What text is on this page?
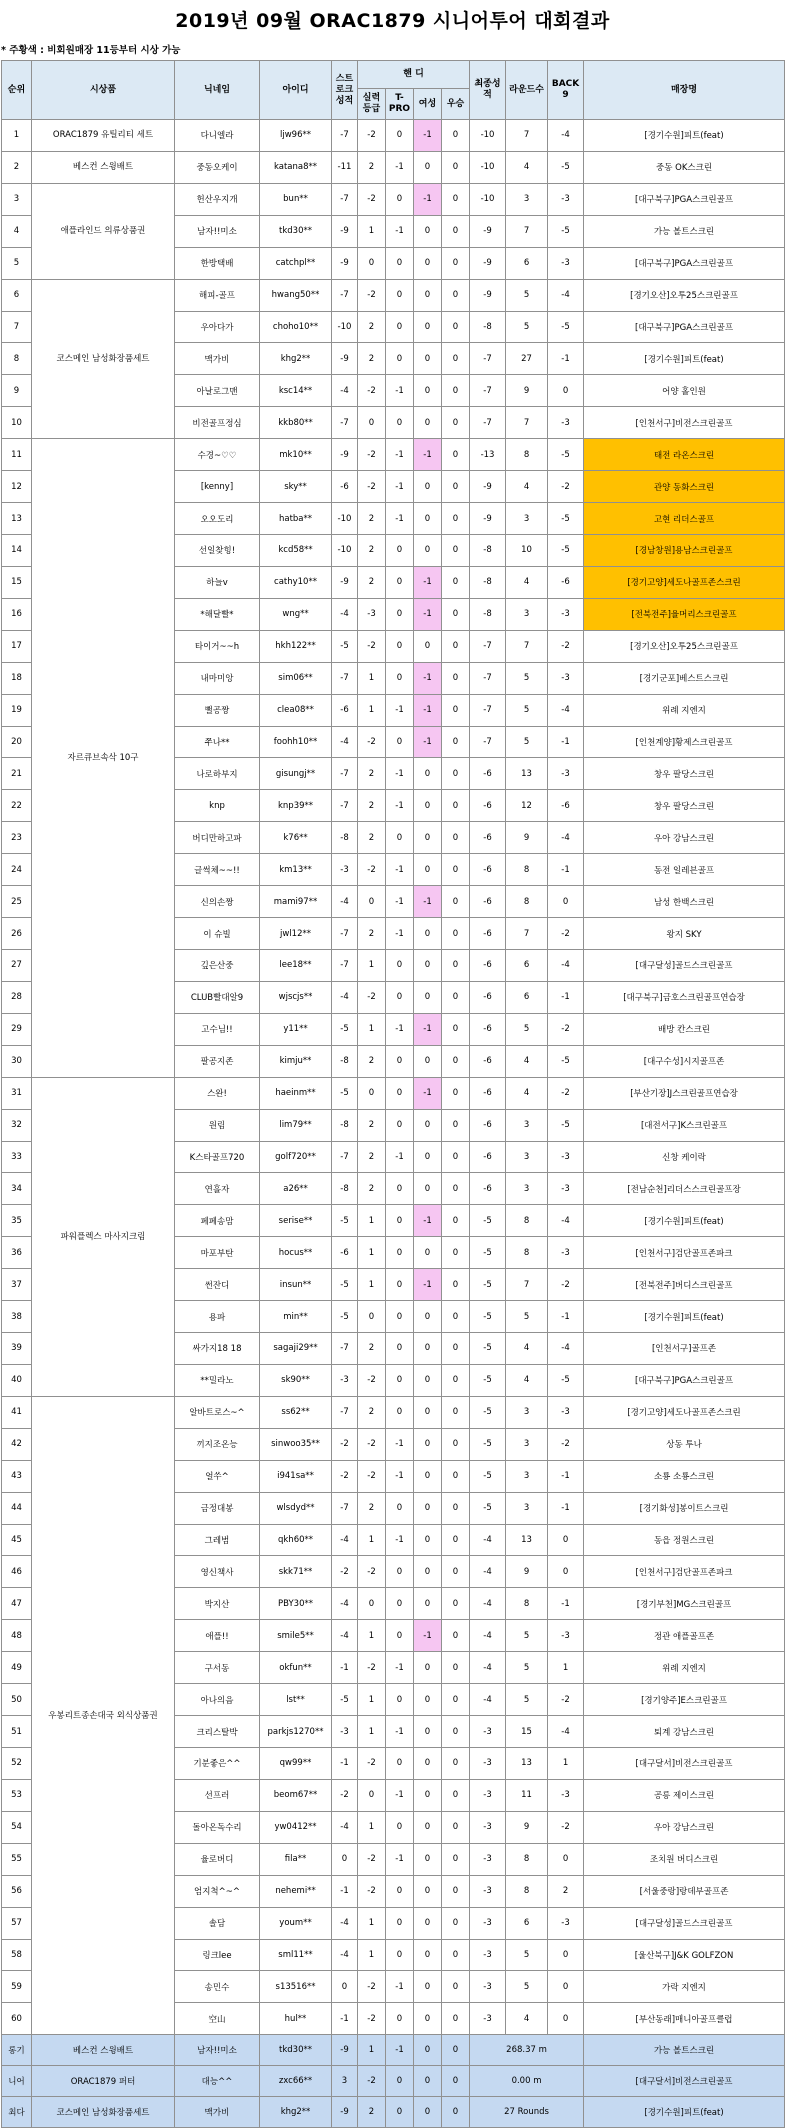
2019년 09월 ORAC1879 시니어투어 대회결과
* 주황색 : 비회원매장 11등부터 시상 가능
순위	시상품	닉네임	아이디	스트로크성적	핸 디				최종성적	라운드수	BACK 9	매장명
					실력등급	T-PRO	여성	우승				
1	ORAC1879 유틸리티 세트	다니엘라	ljw96**	-7	-2	0	-1	0	-10	7	-4	[경기수원]피트(feat)
2	베스컨 스윙배트	중동오케이	katana8**	-11	2	-1	0	0	-10	4	-5	중동 OK스크린
3	애플라인드 의류상품권	헌산우지개	bun**	-7	-2	0	-1	0	-10	3	-3	[대구북구]PGA스크린골프
4		남자!!미소	tkd30**	-9	1	-1	0	0	-9	7	-5	가능 볼트스크린
5		한방택배	catchpl**	-9	0	0	0	0	-9	6	-3	[대구북구]PGA스크린골프
6	코스메인 남성화장품세트	해피-골프	hwang50**	-7	-2	0	0	0	-9	5	-4	[경기오산]오투25스크린골프
7		우아다가	choho10**	-10	2	0	0	0	-8	5	-5	[대구북구]PGA스크린골프
8		맥가비	khg2**	-9	2	0	0	0	-7	27	-1	[경기수원]피트(feat)
9		아날로그맨	ksc14**	-4	-2	-1	0	0	-7	9	0	어양 홀인원
10		비전골프정심	kkb80**	-7	0	0	0	0	-7	7	-3	[인천서구]비전스크린골프
11	자르큐브속삭 10구	수경~♡♡	mk10**	-9	-2	-1	-1	0	-13	8	-5	태전 라온스크린
12		[kenny]	sky**	-6	-2	-1	0	0	-9	4	-2	관양 동화스크린
13		오오도리	hatba**	-10	2	-1	0	0	-9	3	-5	고현 리더스골프
14		선일찾힝!	kcd58**	-10	2	0	0	0	-8	10	-5	[경남창원]용남스크린골프
15		하늘v	cathy10**	-9	2	0	-1	0	-8	4	-6	[경기고양]세도나골프존스크린
16		*해달빨*	wng**	-4	-3	0	-1	0	-8	3	-3	[전북전주]율머리스크린골프
17		타이거~~h	hkh122**	-5	-2	0	0	0	-7	7	-2	[경기오산]오투25스크린골프
18		내마미앙	sim06**	-7	1	0	-1	0	-7	5	-3	[경기군포]베스트스크린
19		뻘공짱	clea08**	-6	1	-1	-1	0	-7	5	-4	위례 지엔지
20		쭈나**	foohh10**	-4	-2	0	-1	0	-7	5	-1	[인천계양]황제스크린골프
21		나로하부지	gisungj**	-7	2	-1	0	0	-6	13	-3	창우 팔당스크린
22		knp	knp39**	-7	2	-1	0	0	-6	12	-6	창우 팔당스크린
23		버디만하고파	k76**	-8	2	0	0	0	-6	9	-4	우아 강남스크린
24		글썩체~~!!	km13**	-3	-2	-1	0	0	-6	8	-1	동전 일레븐골프
25		신의손짱	mami97**	-4	0	-1	-1	0	-6	8	0	남성 한백스크린
26		이 슈빌	jwl12**	-7	2	-1	0	0	-6	7	-2	왕지 SKY
27		깊은산중	lee18**	-7	1	0	0	0	-6	6	-4	[대구달성]골드스크린골프
28		CLUB빨대알9	wjscjs**	-4	-2	0	0	0	-6	6	-1	[대구북구]금호스크린골프연습장
29		고수님!!	y11**	-5	1	-1	-1	0	-6	5	-2	배방 칸스크린
30		팔공지존	kimju**	-8	2	0	0	0	-6	4	-5	[대구수성]시지골프존
31	파워플렉스 마사지크림	스완!	haeinm**	-5	0	0	-1	0	-6	4	-2	[부산기장]J스크린골프연습장
32		원림	lim79**	-8	2	0	0	0	-6	3	-5	[대전서구]K스크린골프
33		K스타골프720	golf720**	-7	2	-1	0	0	-6	3	-3	신창 케이락
34		연흘자	a26**	-8	2	0	0	0	-6	3	-3	[전남순천]리더스스크린골프장
35		페페송맘	serise**	-5	1	0	-1	0	-5	8	-4	[경기수원]피트(feat)
36		마포부탄	hocus**	-6	1	0	0	0	-5	8	-3	[인천서구]검단골프존파크
37		썬잔디	insun**	-5	1	0	-1	0	-5	7	-2	[전북전주]버디스크린골프
38		용파	min**	-5	0	0	0	0	-5	5	-1	[경기수원]피트(feat)
39		싸가지18 18	sagaji29**	-7	2	0	0	0	-5	4	-4	[인천서구]골프존
40		**밀라노	sk90**	-3	-2	0	0	0	-5	4	-5	[대구북구]PGA스크린골프
41	우봉리트종손대국 외식상품권	알바트로스~^	ss62**	-7	2	0	0	0	-5	3	-3	[경기고양]세도나골프존스크린
42		끼지조온능	sinwoo35**	-2	-2	-1	0	0	-5	3	-2	상동 투나
43		얼쑤^	i941sa**	-2	-2	-1	0	0	-5	3	-1	소룡 소룡스크린
44		금정대봉	wlsdyd**	-7	2	0	0	0	-5	3	-1	[경기화성]봉이트스크린
45		그레범	qkh60**	-4	1	-1	0	0	-4	13	0	동읍 정원스크린
46		영신책사	skk71**	-2	-2	0	0	0	-4	9	0	[인천서구]검단골프존파크
47		박지산	PBY30**	-4	0	0	0	0	-4	8	-1	[경기부천]MG스크린골프
48		애플!!	smile5**	-4	1	0	-1	0	-4	5	-3	정관 애플골프존
49		구서동	okfun**	-1	-2	-1	0	0	-4	5	1	위례 지엔지
50		아나의음	lst**	-5	1	0	0	0	-4	5	-2	[경기양주]E스크린골프
51		크리스탈박	parkjs1270**	-3	1	-1	0	0	-3	15	-4	퇴계 강남스크린
52		기분좋은^^	qw99**	-1	-2	0	0	0	-3	13	1	[대구달서]비전스크린골프
53		선프러	beom67**	-2	0	-1	0	0	-3	11	-3	공릉 제이스크린
54		돌아온독수리	yw0412**	-4	1	0	0	0	-3	9	-2	우아 강남스크린
55		율로버디	fila**	0	-2	-1	0	0	-3	8	0	조치원 버디스크린
56		엄지척^~^	nehemi**	-1	-2	0	0	0	-3	8	2	[서울중랑]랑데부골프존
57		솔담	youm**	-4	1	0	0	0	-3	6	-3	[대구달성]골드스크린골프
58		링크lee	sml11**	-4	1	0	0	0	-3	5	0	[울산북구]J&K GOLFZON
59		송민수	s13516**	0	-2	-1	0	0	-3	5	0	가락 지엔지
60		空山	hul**	-1	-2	0	0	0	-3	4	0	[부산동래]매니아골프클럽
롱기	베스컨 스윙배트	남자!!미소	tkd30**	-9	1	-1	0	0	268.37 m			가능 볼트스크린
니어	ORAC1879 퍼터	대능^^	zxc66**	3	-2	0	0	0	0.00 m			[대구달서]비전스크린골프
최다	코스메인 남성화장품세트	맥가비	khg2**	-9	2	0	0	0	27 Rounds			[경기수원]피트(feat)
